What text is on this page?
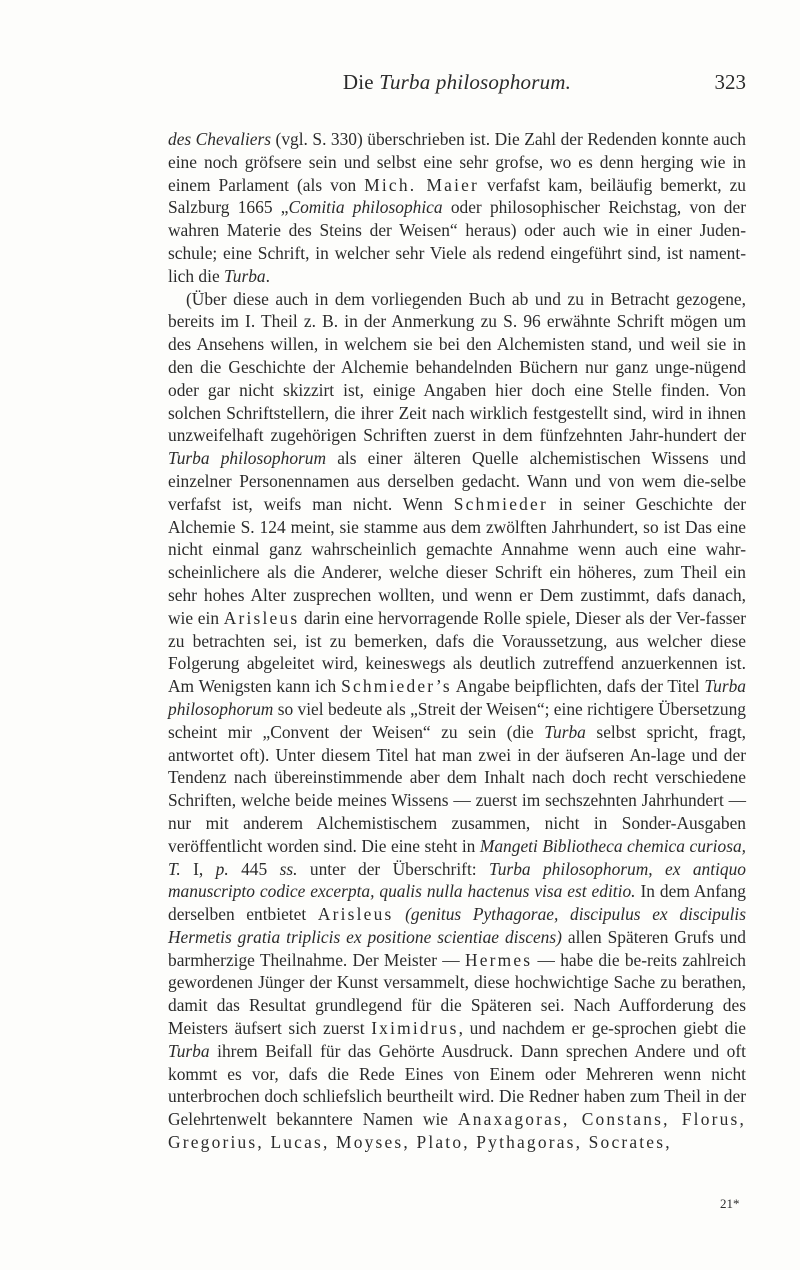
Die Turba philosophorum.	323

des Chevaliers (vgl. S. 330) überschrieben ist. Die Zahl der Redenden konnte auch eine noch gröfsere sein und selbst eine sehr grofse, wo es denn herging wie in einem Parlament (als von Mich. Maier verfafst kam, beiläufig bemerkt, zu Salzburg 1665 „Comitia philosophica oder philosophischer Reichstag, von der wahren Materie des Steins der Weisen“ heraus) oder auch wie in einer Juden-schule; eine Schrift, in welcher sehr Viele als redend eingeführt sind, ist nament-lich die Turba.

(Über diese auch in dem vorliegenden Buch ab und zu in Betracht gezogene, bereits im I. Theil z. B. in der Anmerkung zu S. 96 erwähnte Schrift mögen um des Ansehens willen, in welchem sie bei den Alchemisten stand, und weil sie in den die Geschichte der Alchemie behandelnden Büchern nur ganz unge-nügend oder gar nicht skizzirt ist, einige Angaben hier doch eine Stelle finden. Von solchen Schriftstellern, die ihrer Zeit nach wirklich festgestellt sind, wird in ihnen unzweifelhaft zugehörigen Schriften zuerst in dem fünfzehnten Jahr-hundert der Turba philosophorum als einer älteren Quelle alchemistischen Wissens und einzelner Personennamen aus derselben gedacht. Wann und von wem die-selbe verfafst ist, weifs man nicht. Wenn Schmieder in seiner Geschichte der Alchemie S. 124 meint, sie stamme aus dem zwölften Jahrhundert, so ist Das eine nicht einmal ganz wahrscheinlich gemachte Annahme wenn auch eine wahr-scheinlichere als die Anderer, welche dieser Schrift ein höheres, zum Theil ein sehr hohes Alter zusprechen wollten, und wenn er Dem zustimmt, dafs danach, wie ein Arisleus darin eine hervorragende Rolle spiele, Dieser als der Ver-fasser zu betrachten sei, ist zu bemerken, dafs die Voraussetzung, aus welcher diese Folgerung abgeleitet wird, keineswegs als deutlich zutreffend anzuerkennen ist. Am Wenigsten kann ich Schmieder’s Angabe beipflichten, dafs der Titel Turba philosophorum so viel bedeute als „Streit der Weisen“; eine richtigere Übersetzung scheint mir „Convent der Weisen“ zu sein (die Turba selbst spricht, fragt, antwortet oft). Unter diesem Titel hat man zwei in der äufseren An-lage und der Tendenz nach übereinstimmende aber dem Inhalt nach doch recht verschiedene Schriften, welche beide meines Wissens — zuerst im sechszehnten Jahrhundert — nur mit anderem Alchemistischem zusammen, nicht in Sonder-Ausgaben veröffentlicht worden sind. Die eine steht in Mangeti Bibliotheca chemica curiosa, T. I, p. 445 ss. unter der Überschrift: Turba philosophorum, ex antiquo manuscripto codice excerpta, qualis nulla hactenus visa est editio. In dem Anfang derselben entbietet Arisleus (genitus Pythagorae, discipulus ex discipulis Hermetis gratia triplicis ex positione scientiae discens) allen Späteren Grufs und barmherzige Theilnahme. Der Meister — Hermes — habe die be-reits zahlreich gewordenen Jünger der Kunst versammelt, diese hochwichtige Sache zu berathen, damit das Resultat grundlegend für die Späteren sei. Nach Aufforderung des Meisters äufsert sich zuerst Iximidrus, und nachdem er ge-sprochen giebt die Turba ihrem Beifall für das Gehörte Ausdruck. Dann sprechen Andere und oft kommt es vor, dafs die Rede Eines von Einem oder Mehreren wenn nicht unterbrochen doch schliefslich beurtheilt wird. Die Redner haben zum Theil in der Gelehrtenwelt bekanntere Namen wie Anaxagoras, Constans, Florus, Gregorius, Lucas, Moyses, Plato, Pythagoras, Socrates,

21*
